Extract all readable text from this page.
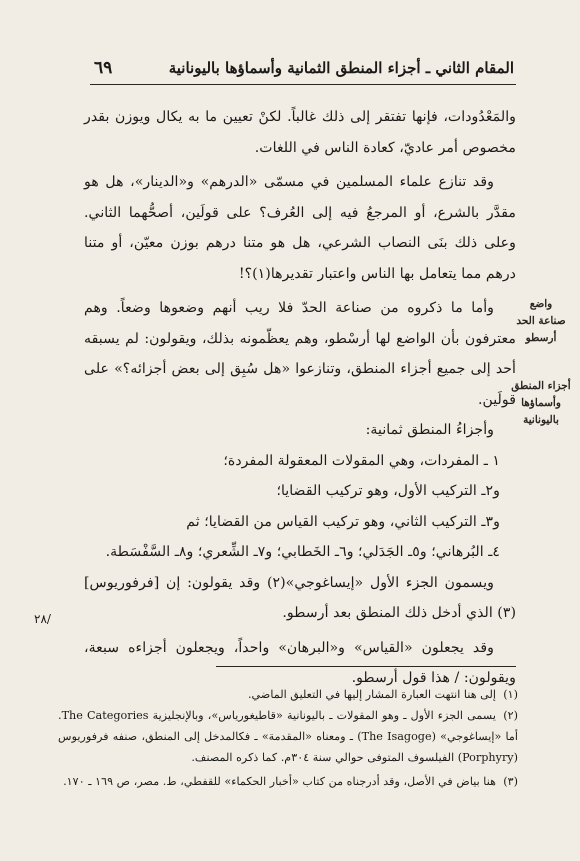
المقام الثاني ـ أجزاء المنطق الثمانية وأسماؤها باليونانية
٦٩

والمَعْدُودات، فإنها تفتقر إلى ذلك غالباً. لكنْ تعيين ما به يكال ويوزن بقدر مخصوص أمر عاديّ، كعادة الناس في اللغات.

وقد تنازع علماء المسلمين في مسمّى «الدرهم» و«الدينار»، هل هو مقدَّر بالشرع، أو المرجعُ فيه إلى العُرف؟ على قولَين، أصحُّهما الثاني. وعلى ذلك بنَى النصاب الشرعي، هل هو متنا درهم بوزن معيّن، أو متنا درهم مما يتعامل بها الناس واعتبار تقديرها(١)؟!

وأما ما ذكروه من صناعة الحدّ فلا ريب أنهم وضعوها وضعاً. وهم معترفون بأن الواضع لها أرسْطو، وهم يعظّمونه بذلك، ويقولون: لم يسبقه أحد إلى جميع أجزاء المنطق، وتنازعوا «هل سُبِق إلى بعض أجزائه؟» على قولَين.

وأجزاءُ المنطق ثمانية:

١ ـ المفردات، وهي المقولات المعقولة المفردة؛

و٢ـ التركيب الأول، وهو تركيب القضايا؛

و٣ـ التركيب الثاني، وهو تركيب القياس من القضايا؛ ثم

٤ـ البُرهاني؛ و٥ـ الجَدَلي؛ و٦ـ الخَطابي؛ و٧ـ الشِّعري؛ و٨ـ السَّفْسَطة.

ويسمون الجزء الأول «إيساغوجي»(٢) وقد يقولون: إن [فرفوريوس](٣) الذي أدخل ذلك المنطق بعد أرسطو.

وقد يجعلون «القياس» و«البرهان» واحداً، ويجعلون أجزاءه سبعة، ويقولون: / هذا قول أرسطو.

واضع
صناعة الحد
أرسطو
أجزاء المنطق
وأسماؤها
باليونانية
٢٨/

(١)إلى هنا انتهت العبارة المشار إليها في التعليق الماضي.

(٢)يسمى الجزء الأول ـ وهو المقولات ـ باليونانية «قاطيغورياس»، وبالإنجليزية The Categories. أما «إيساغوجي» (The Isagoge) ـ ومعناه «المقدمة» ـ فكالمدخل إلى المنطق، صنفه فرفوريوس (Porphyry) الفيلسوف المتوفى حوالي سنة ٣٠٤م. كما ذكره المصنف.

(٣)هنا بياض في الأصل، وقد أدرجناه من كتاب «أخبار الحكماء» للقفطي، ط. مصر، ص ١٦٩ ـ ١٧٠.
